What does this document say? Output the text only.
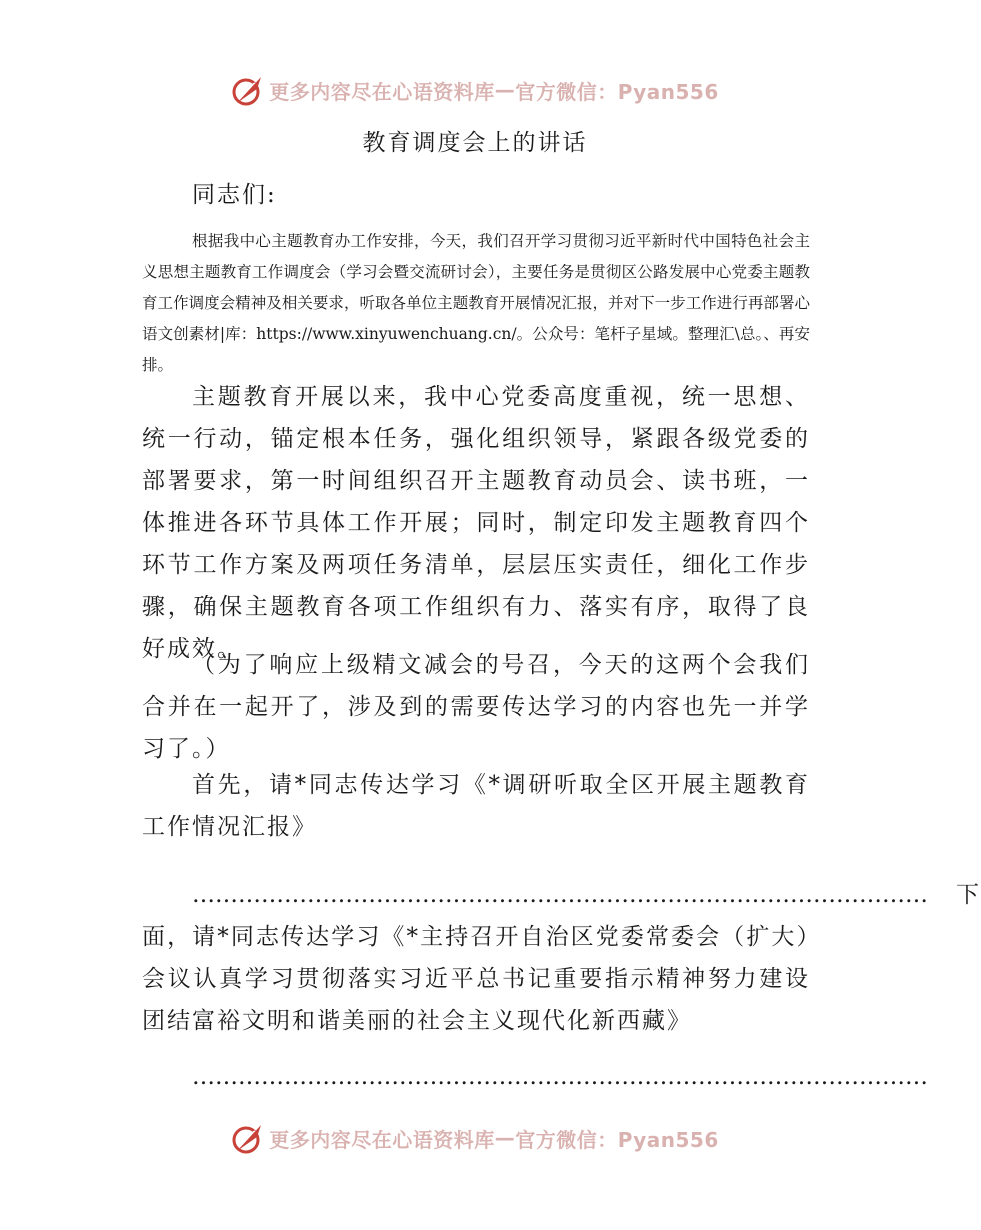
更多内容尽在心语资料库 — 官方微信：Pyan556
教育调度会上的讲话
同志们:
根据我中心主题教育办工作安排，今天，我们召开学习贯彻习近平新时代中国特色社会主义思想主题教育工作调度会（学习会暨交流研讨会），主要任务是贯彻区公路发展中心党委主题教育工作调度会精神及相关要求，听取各单位主题教育开展情况汇报，并对下一步工作进行再部署心语文创素材|库：https://www.xinyuwenchuang.cn/。公众号：笔杆子星域。整理汇\总。、再安排。
主题教育开展以来，我中心党委高度重视，统一思想、统一行动，锚定根本任务，强化组织领导，紧跟各级党委的部署要求，第一时间组织召开主题教育动员会、读书班，一体推进各环节具体工作开展；同时，制定印发主题教育四个环节工作方案及两项任务清单，层层压实责任，细化工作步骤，确保主题教育各项工作组织有力、落实有序，取得了良好成效。
（为了响应上级精文减会的号召，今天的这两个会我们合并在一起开了，涉及到的需要传达学习的内容也先一并学习了。）
首先，请*同志传达学习《*调研听取全区开展主题教育工作情况汇报》
…………………………………………………………………………………… 下面，请*同志传达学习《*主持召开自治区党委常委会（扩大）会议认真学习贯彻落实习近平总书记重要指示精神努力建设团结富裕文明和谐美丽的社会主义现代化新西藏》
……………………………………………………………………………………
更多内容尽在心语资料库 — 官方微信：Pyan556
